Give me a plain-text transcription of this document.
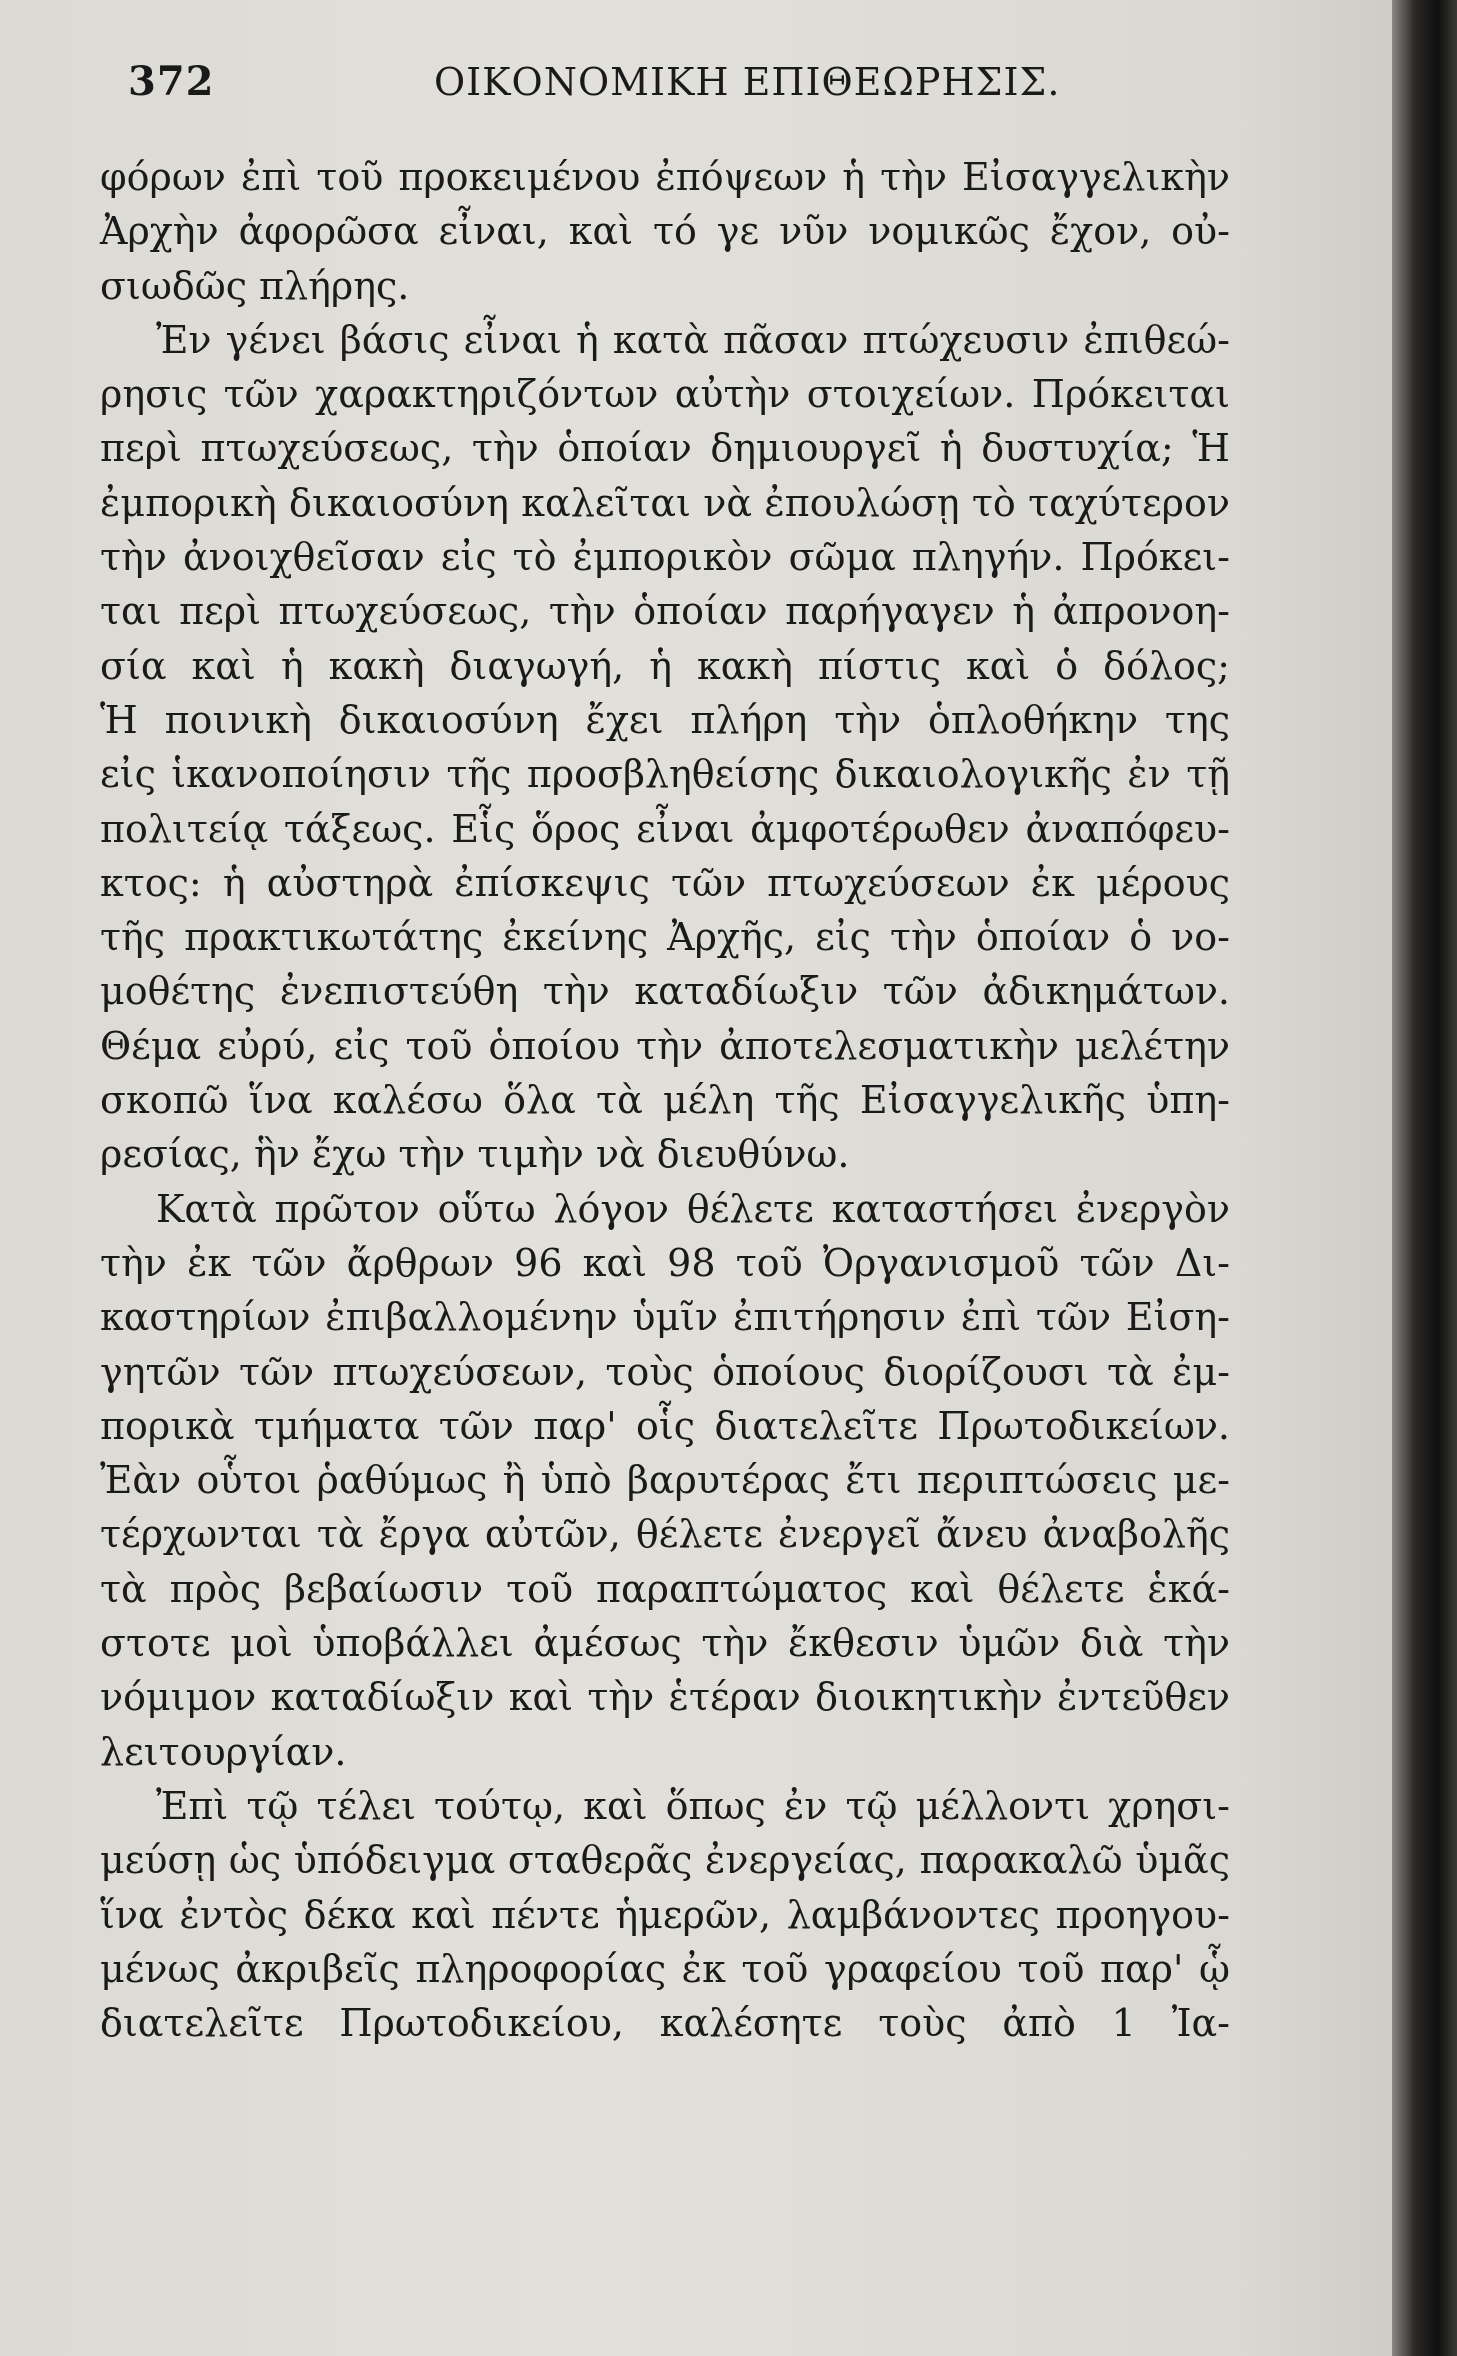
372	ΟΙΚΟΝΟΜΙΚΗ ΕΠΙΘΕΩΡΗΣΙΣ.
φόρων ἐπὶ τοῦ προκειμένου ἐπόψεων ἡ τὴν Εἰσαγγελικὴν
Ἀρχὴν ἀφορῶσα εἶναι, καὶ τό γε νῦν νομικῶς ἔχον, οὐ-
σιωδῶς πλήρης.
Ἐν γένει βάσις εἶναι ἡ κατὰ πᾶσαν πτώχευσιν ἐπιθεώ-
ρησις τῶν χαρακτηριζόντων αὐτὴν στοιχείων. Πρόκειται
περὶ πτωχεύσεως, τὴν ὁποίαν δημιουργεῖ ἡ δυστυχία; Ἡ
ἐμπορικὴ δικαιοσύνη καλεῖται νὰ ἐπουλώσῃ τὸ ταχύτερον
τὴν ἀνοιχθεῖσαν εἰς τὸ ἐμπορικὸν σῶμα πληγήν. Πρόκει-
ται περὶ πτωχεύσεως, τὴν ὁποίαν παρήγαγεν ἡ ἀπρονοη-
σία καὶ ἡ κακὴ διαγωγή, ἡ κακὴ πίστις καὶ ὁ δόλος;
Ἡ ποινικὴ δικαιοσύνη ἔχει πλήρη τὴν ὁπλοθήκην της
εἰς ἱκανοποίησιν τῆς προσβληθείσης δικαιολογικῆς ἐν τῇ
πολιτείᾳ τάξεως. Εἷς ὅρος εἶναι ἀμφοτέρωθεν ἀναπόφευ-
κτος: ἡ αὐστηρὰ ἐπίσκεψις τῶν πτωχεύσεων ἐκ μέρους
τῆς πρακτικωτάτης ἐκείνης Ἀρχῆς, εἰς τὴν ὁποίαν ὁ νο-
μοθέτης ἐνεπιστεύθη τὴν καταδίωξιν τῶν ἀδικημάτων.
Θέμα εὐρύ, εἰς τοῦ ὁποίου τὴν ἀποτελεσματικὴν μελέτην
σκοπῶ ἵνα καλέσω ὅλα τὰ μέλη τῆς Εἰσαγγελικῆς ὑπη-
ρεσίας, ἣν ἔχω τὴν τιμὴν νὰ διευθύνω.
Κατὰ πρῶτον οὕτω λόγον θέλετε καταστήσει ἐνεργὸν
τὴν ἐκ τῶν ἄρθρων 96 καὶ 98 τοῦ Ὀργανισμοῦ τῶν Δι-
καστηρίων ἐπιβαλλομένην ὑμῖν ἐπιτήρησιν ἐπὶ τῶν Εἰση-
γητῶν τῶν πτωχεύσεων, τοὺς ὁποίους διορίζουσι τὰ ἐμ-
πορικὰ τμήματα τῶν παρ' οἷς διατελεῖτε Πρωτοδικείων.
Ἐὰν οὗτοι ῥαθύμως ἢ ὑπὸ βαρυτέρας ἔτι περιπτώσεις με-
τέρχωνται τὰ ἔργα αὐτῶν, θέλετε ἐνεργεῖ ἄνευ ἀναβολῆς
τὰ πρὸς βεβαίωσιν τοῦ παραπτώματος καὶ θέλετε ἑκά-
στοτε μοὶ ὑποβάλλει ἀμέσως τὴν ἔκθεσιν ὑμῶν διὰ τὴν
νόμιμον καταδίωξιν καὶ τὴν ἑτέραν διοικητικὴν ἐντεῦθεν
λειτουργίαν.
Ἐπὶ τῷ τέλει τούτῳ, καὶ ὅπως ἐν τῷ μέλλοντι χρησι-
μεύσῃ ὡς ὑπόδειγμα σταθερᾶς ἐνεργείας, παρακαλῶ ὑμᾶς
ἵνα ἐντὸς δέκα καὶ πέντε ἡμερῶν, λαμβάνοντες προηγου-
μένως ἀκριβεῖς πληροφορίας ἐκ τοῦ γραφείου τοῦ παρ' ᾧ
διατελεῖτε Πρωτοδικείου, καλέσητε τοὺς ἀπὸ 1 Ἰα-
